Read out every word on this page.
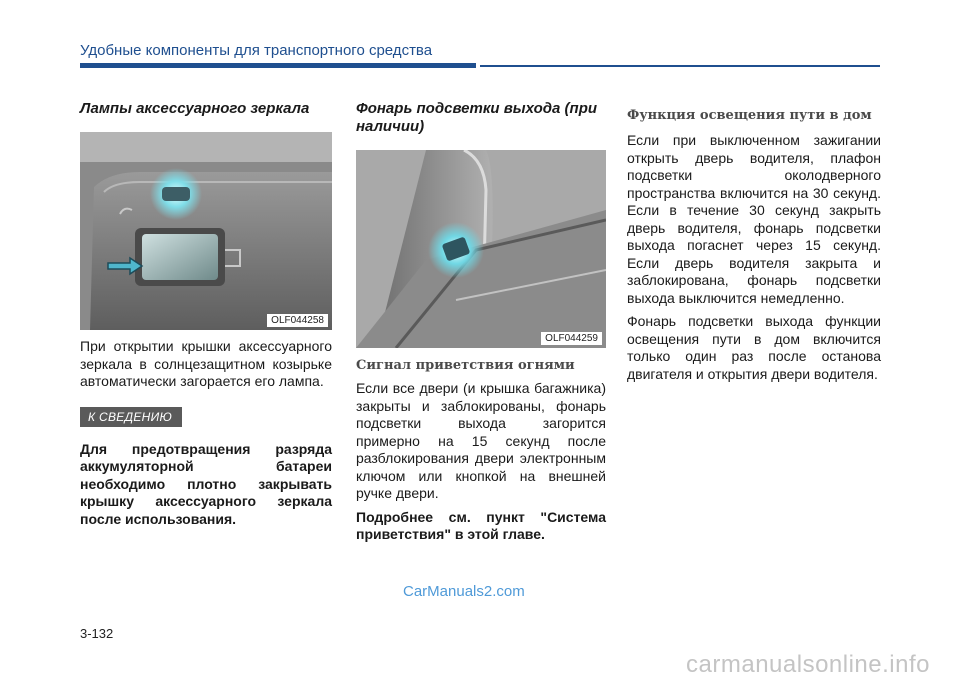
Удобные компоненты для транспортного средства

Лампы аксессуарного зеркала

OLF044258

При открытии крышки аксессуарного зеркала в солнцезащитном козырьке автоматически загорается его лампа.

К СВЕДЕНИЮ

Для предотвращения разряда аккумуляторной батареи необходимо плотно закрывать крышку аксессуарного зеркала после использования.

Фонарь подсветки выхода (при наличии)

OLF044259

Сигнал приветствия огнями

Если все двери (и крышка багажника) закрыты и заблокированы, фонарь подсветки выхода загорится примерно на 15 секунд после разблокирования двери электронным ключом или кнопкой на внешней ручке двери.

Подробнее см. пункт "Система приветствия" в этой главе.

Функция освещения пути в дом

Если при выключенном зажигании открыть дверь водителя, плафон подсветки околодверного пространства включится на 30 секунд. Если в течение 30 секунд закрыть дверь водителя, фонарь подсветки выхода погаснет через 15 секунд. Если дверь водителя закрыта и заблокирована, фонарь подсветки выхода выключится немедленно.

Фонарь подсветки выхода функции освещения пути в дом включится только один раз после останова двигателя и открытия двери водителя.

CarManuals2.com
3-132
carmanualsonline.info
